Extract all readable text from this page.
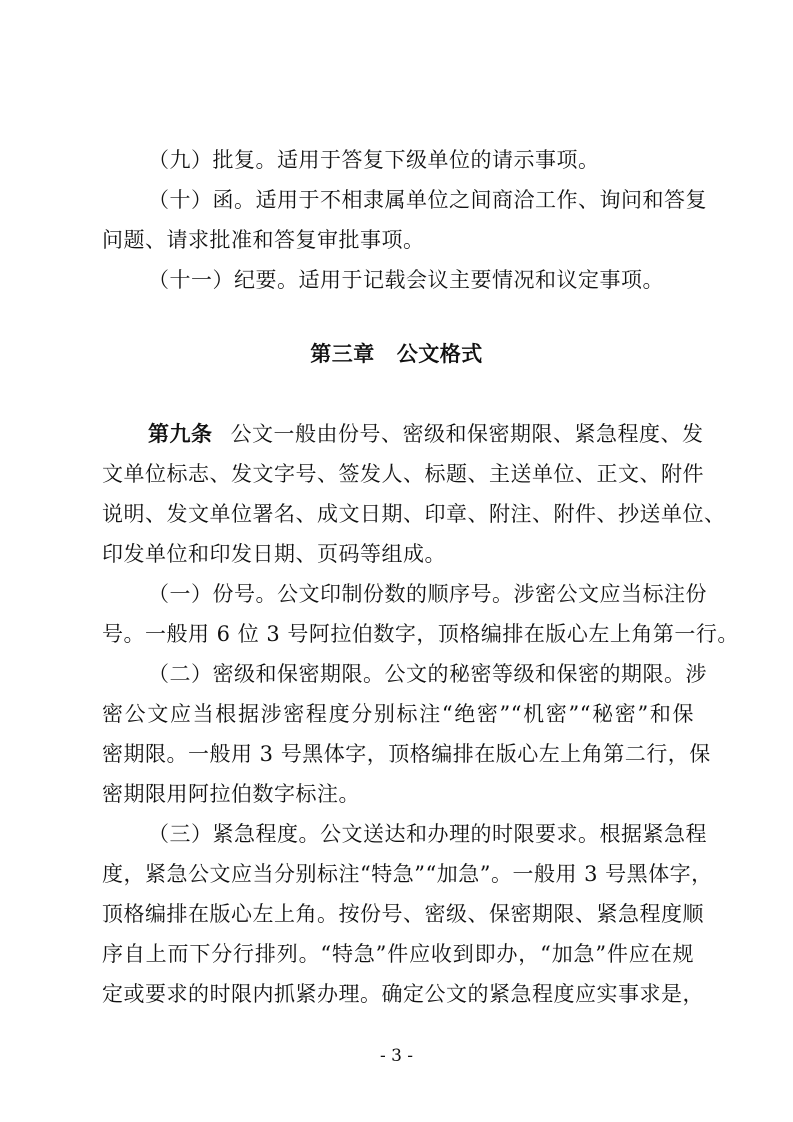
（九）批复。适用于答复下级单位的请示事项。
（十）函。适用于不相隶属单位之间商洽工作、询问和答复
问题、请求批准和答复审批事项。
（十一）纪要。适用于记载会议主要情况和议定事项。
第三章 公文格式
第九条 公文一般由份号、密级和保密期限、紧急程度、发
文单位标志、发文字号、签发人、标题、主送单位、正文、附件
说明、发文单位署名、成文日期、印章、附注、附件、抄送单位、
印发单位和印发日期、页码等组成。
（一）份号。公文印制份数的顺序号。涉密公文应当标注份
号。一般用 6 位 3 号阿拉伯数字，顶格编排在版心左上角第一行。
（二）密级和保密期限。公文的秘密等级和保密的期限。涉
密公文应当根据涉密程度分别标注“绝密”“机密”“秘密”和保
密期限。一般用 3 号黑体字，顶格编排在版心左上角第二行，保
密期限用阿拉伯数字标注。
（三）紧急程度。公文送达和办理的时限要求。根据紧急程
度，紧急公文应当分别标注“特急”“加急”。一般用 3 号黑体字，
顶格编排在版心左上角。按份号、密级、保密期限、紧急程度顺
序自上而下分行排列。“特急”件应收到即办，“加急”件应在规
定或要求的时限内抓紧办理。确定公文的紧急程度应实事求是，
- 3 -
